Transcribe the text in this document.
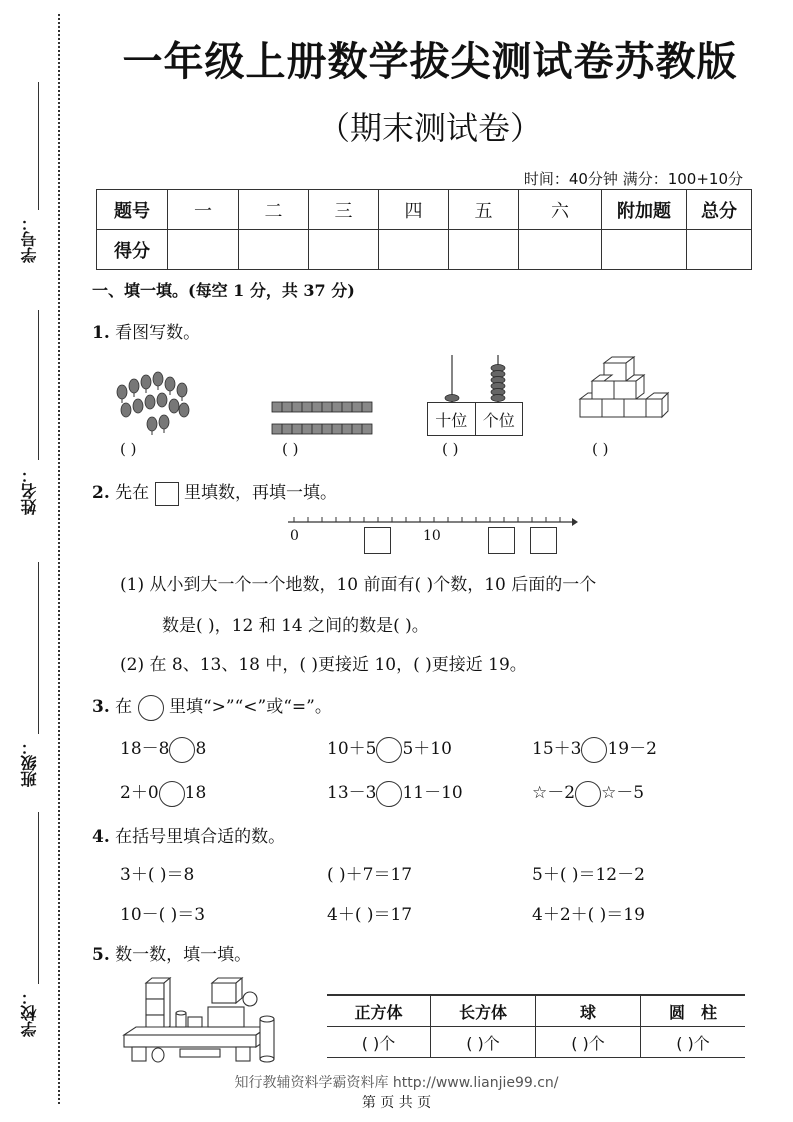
学号：
姓名：
班级：
学校：
一年级上册数学拔尖测试卷苏教版
（期末测试卷）
时间：40分钟 满分：100+10分
题号	一	二	三	四	五	六	附加题	总分
得分								
一、填一填。(每空 1 分，共 37 分)
1. 看图写数。
( )	( )
十位 个位
( )	( )
2. 先在 里填数，再填一填。
0	10
(1) 从小到大一个一个地数，10 前面有( )个数，10 后面的一个
数是( )，12 和 14 之间的数是( )。
(2) 在 8、13、18 中，( )更接近 10，( )更接近 19。
3. 在 里填“>”“<”或“=”。
18－8 8	10＋5 5＋10	15＋3 19－2
2＋0 18	13－3 11－10	☆－2 ☆－5
4. 在括号里填合适的数。
3＋( )＝8	( )＋7＝17	5＋( )＝12－2
10－( )＝3	4＋( )＝17	4＋2＋( )＝19
5. 数一数，填一填。
正方体	长方体	球	圆　柱
( )个	( )个	( )个	( )个
知行教辅资料学霸资料库 http://www.lianjie99.cn/
第 页 共 页
